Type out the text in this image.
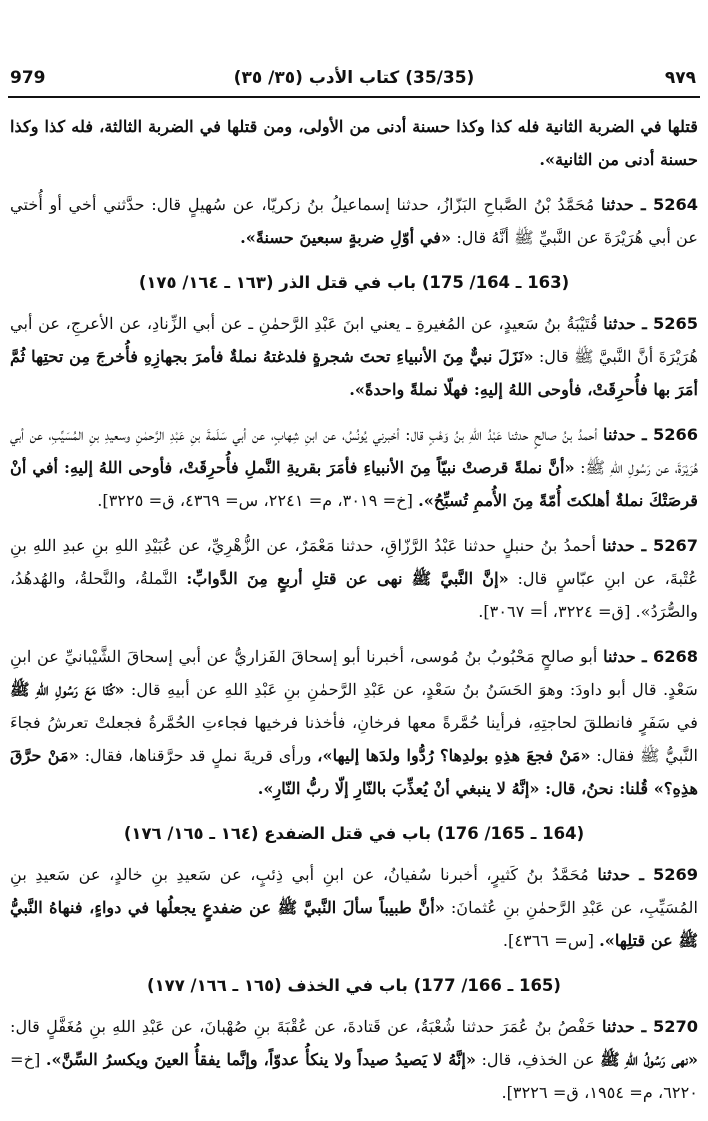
979	(35/35) كتاب الأدب (٣٥/ ٣٥)	٩٧٩

قتلها في الضربة الثانية فله كذا وكذا حسنة أدنى من الأولى، ومن قتلها في الضربة الثالثة، فله كذا وكذا حسنة أدنى من الثانية».

5264 ـ حدثنا مُحَمَّدُ بْنُ الصَّباحِ البَزّازُ، حدثنا إسماعيلُ بنُ زكريّا، عن سُهيلٍ قال: حدَّثني أخي أو أُختي عن أبي هُرَيْرَةَ عن النَّبيِّ ﷺ أنَّهُ قال: «في أوّلِ ضربةٍ سبعينَ حسنةً».

(163 ـ 164/ 175) باب في قتل الذر (١٦٣ ـ ١٦٤/ ١٧٥)

5265 ـ حدثنا قُتَيْبَةُ بنُ سَعيدٍ، عن المُغيرةِ ـ يعني ابنَ عَبْدِ الرَّحمٰنِ ـ عن أبي الزِّنادِ، عن الأعرجِ، عن أبي هُرَيْرَةَ أنَّ النَّبيَّ ﷺ قال: «نَزَلَ نبيٌّ مِنَ الأنبياءِ تحتَ شجرةٍ فلدغتهُ نملةٌ فأمرَ بجهازِهِ فأُخرجَ مِن تحتِها ثُمَّ أمَرَ بها فأُحرِقَتْ، فأوحى اللهُ إليهِ: فهلّا نملةً واحدةً».

5266 ـ حدثنا أحمدُ بنُ صالحٍ حدثنا عَبْدُ اللهِ بنُ وَهْبٍ قال: أخبرني يُونُسُ، عن ابنِ شِهابٍ، عن أبي سَلَمةَ بنِ عَبْدِ الرَّحمٰنِ وسعيدِ بنِ المُسَيِّبِ، عن أبي هُرَيْرَةَ، عن رَسُولِ اللهِ ﷺ: «أنَّ نملةً قرصتْ نبيّاً مِنَ الأنبياءِ فأمَرَ بقريةِ النَّملِ فأُحرِقَتْ، فأوحى اللهُ إليهِ: أفي أنْ قرصَتْكَ نملةٌ أهلكتَ أُمّةً مِنَ الأُممِ تُسبِّحُ». [خ= ٣٠١٩، م= ٢٢٤١، س= ٤٣٦٩، ق= ٣٢٢٥].

5267 ـ حدثنا أحمدُ بنُ حنبلٍ حدثنا عَبْدُ الرَّزّاقِ، حدثنا مَعْمَرٌ، عن الزُّهْرِيِّ، عن عُبَيْدِ اللهِ بنِ عبدِ اللهِ بنِ عُتْبةَ، عن ابنِ عبّاسٍ قال: «إنَّ النَّبيَّ ﷺ نهى عن قتلِ أربعٍ مِنَ الدَّوابِّ: النَّملةُ، والنَّحلةُ، والهُدهُدُ، والصُّرَدُ». [ق= ٣٢٢٤، أ= ٣٠٦٧].

6268 ـ حدثنا أبو صالحٍ مَحْبُوبُ بنُ مُوسى، أخبرنا أبو إسحاقَ الفَزاريُّ عن أبي إسحاقَ الشَّيْبانيِّ عن ابنِ سَعْدٍ. قال أبو داودَ: وهوَ الحَسَنُ بنُ سَعْدٍ، عن عَبْدِ الرَّحمٰنِ بنِ عَبْدِ اللهِ عن أبيهِ قال: «كُنّا مَعَ رَسُولِ اللهِ ﷺ في سَفَرٍ فانطلقَ لحاجتِهِ، فرأينا حُمَّرةً معها فرخانِ، فأخذنا فرخيها فجاءتِ الحُمَّرةُ فجعلتْ تعرشُ فجاءَ النَّبيُّ ﷺ فقال: «مَنْ فجعَ هذِهِ بولدِها؟ رُدُّوا ولدَها إليها»، ورأى قريةَ نملٍ قد حرَّقناها، فقال: «مَنْ حرَّقَ هذِهِ؟» قُلنا: نحنُ، قال: «إنَّهُ لا ينبغي أنْ يُعذِّبَ بالنّارِ إلّا ربُّ النّارِ».

(164 ـ 165/ 176) باب في قتل الضفدع (١٦٤ ـ ١٦٥/ ١٧٦)

5269 ـ حدثنا مُحَمَّدُ بنُ كَثيرٍ، أخبرنا سُفيانُ، عن ابنِ أبي ذِئبٍ، عن سَعيدِ بنِ خالدٍ، عن سَعيدِ بنِ المُسَيِّبِ، عن عَبْدِ الرَّحمٰنِ بنِ عُثمانَ: «أنَّ طبيباً سألَ النَّبيَّ ﷺ عن ضفدعٍ يجعلُها في دواءٍ، فنهاهُ النَّبيُّ ﷺ عن قتلِها». [س= ٤٣٦٦].

(165 ـ 166/ 177) باب في الخذف (١٦٥ ـ ١٦٦/ ١٧٧)

5270 ـ حدثنا حَفْصُ بنُ عُمَرَ حدثنا شُعْبَةُ، عن قَتادةَ، عن عُقْبَةَ بنِ صُهْبانَ، عن عَبْدِ اللهِ بنِ مُغَفَّلٍ قال: «نهى رَسُولُ اللهِ ﷺ عن الخذفِ، قال: «إنَّهُ لا يَصيدُ صيداً ولا ينكأُ عدوّاً، وإنَّما يفقأُ العينَ ويكسرُ السِّنَّ». [خ= ٦٢٢٠، م= ١٩٥٤، ق= ٣٢٢٦].
